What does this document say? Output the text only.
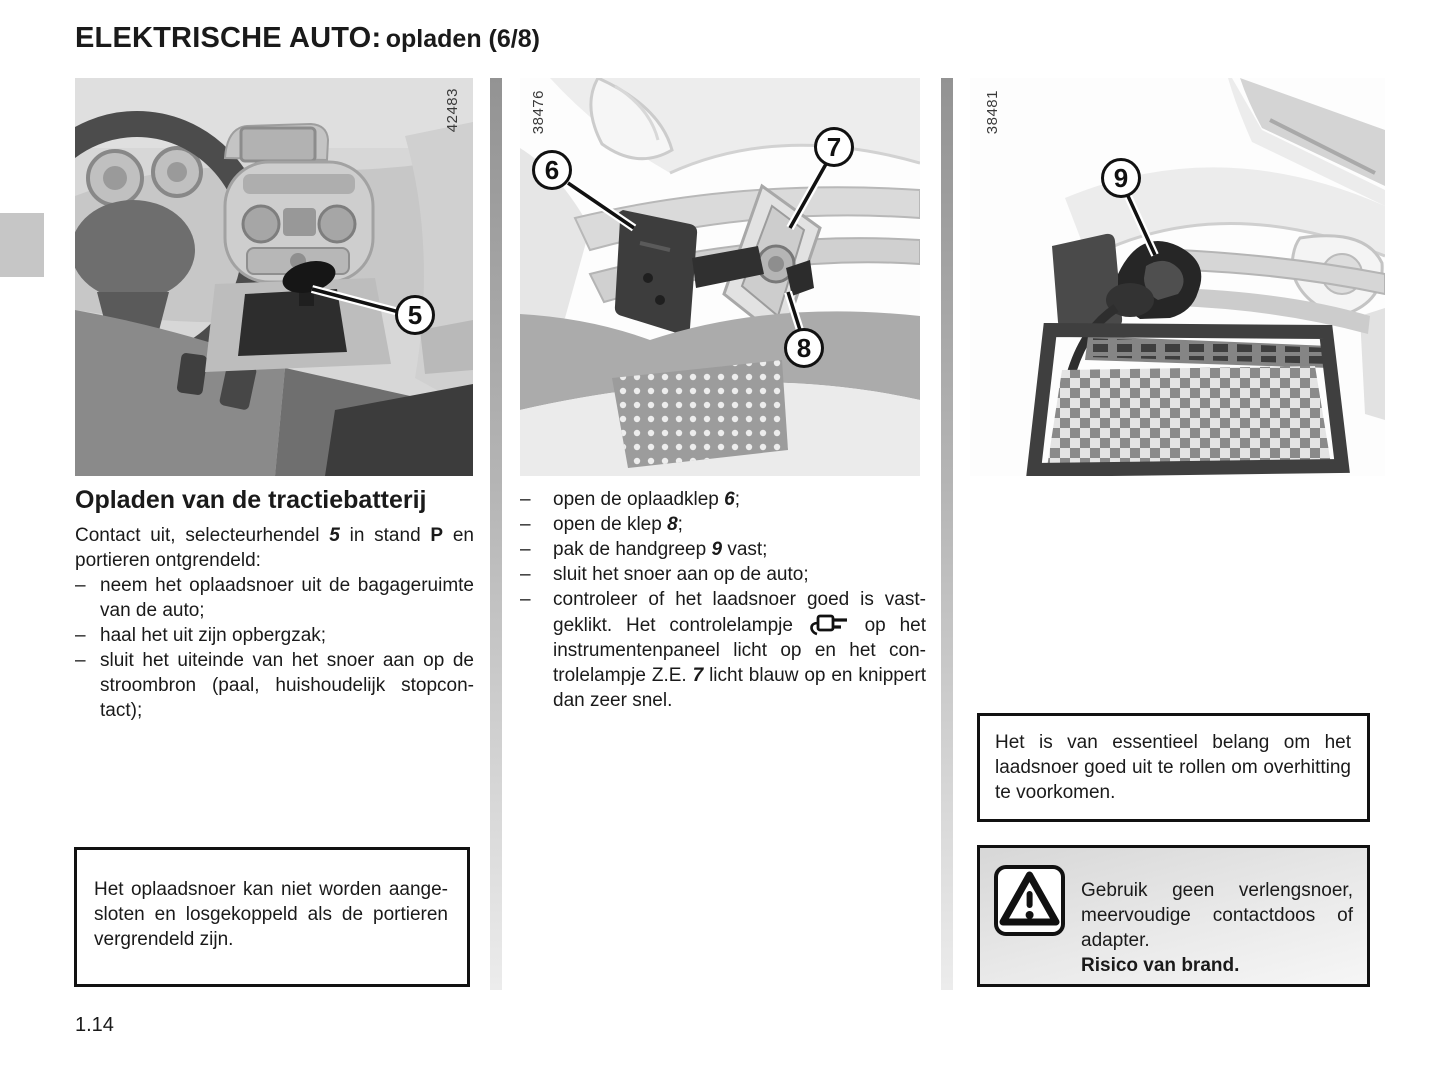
ELEKTRISCHE AUTO: opladen (6/8)
42483
5
38476
6
7
8
38481
9
Opladen van de tractiebatterij

Contact uit, selecteurhendel 5 in stand P en portieren ontgrendeld:

– neem het oplaadsnoer uit de bagageruimte van de auto;
– haal het uit zijn opbergzak;
– sluit het uiteinde van het snoer aan op de stroombron (paal, huishoudelijk stopcontact);
–	open de oplaadklep 6;
–	open de klep 8;
–	pak de handgreep 9 vast;
–	sluit het snoer aan op de auto;
–	controleer of het laadsnoer goed is vastgeklikt. Het controlelampje  op het instrumentenpaneel licht op en het controlelampje Z.E. 7 licht blauw op en knippert dan zeer snel.

Het oplaadsnoer kan niet worden aangesloten en losgekoppeld als de portieren vergrendeld zijn.

Het is van essentieel belang om het laadsnoer goed uit te rollen om overhitting te voorkomen.

Gebruik geen verlengsnoer, meervoudige contactdoos of adapter.
Risico van brand.

1.14
